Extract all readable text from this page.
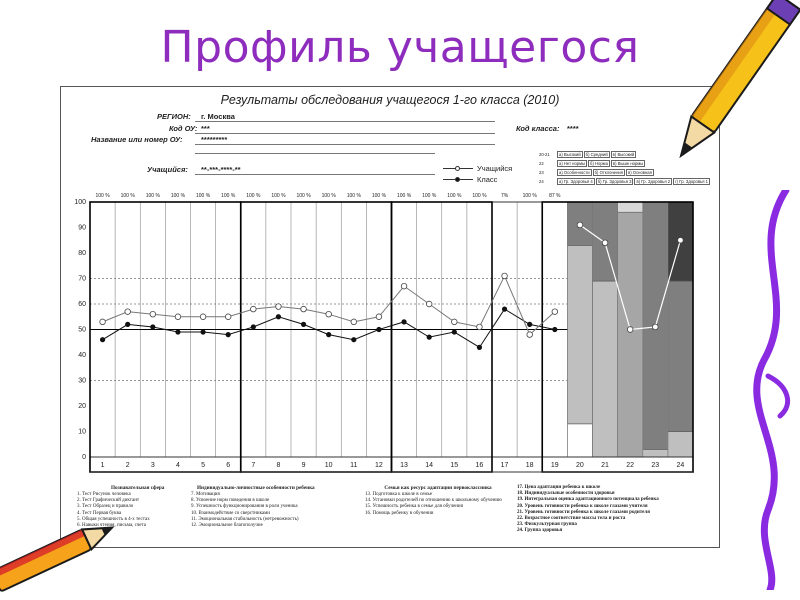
Профиль учащегося
Результаты обследования учащегося 1-го класса (2010)
РЕГИОН: г. Москва
Код ОУ: ***
Название или номер ОУ: *********
Код класса: ****
Учащийся: **-***-****-**	Учащийся
Класс
20-21 а) Высокий б) Средний в) Высокий
22	а) Нет нормы б) Норма в) Выше нормы
23	а) Особенности б) Отклонения в) Основная
24	а) Гр. Здоровья 4 б) Гр. Здоровья 3 в) Гр. Здоровья 2 г) Гр. Здоровья 1
Познавательная сфера
1. Тест Рисунок человека
2. Тест Графический диктант
3. Тест Образец и правило
4. Тест Первая буква
5. Общая успешность в 4-х тестах
6. Навыки чтения, письма, счета
Индивидуально-личностные особенности ребенка
7. Мотивация
8. Усвоение норм поведения в школе
9. Успешность функционирования в роли ученика
10. Взаимодействие со сверстниками
11. Эмоциональная стабильность (нетревожность)
12. Эмоциональное благополучие
Семья как ресурс адаптации первоклассника
13. Подготовка к школе в семье
14. Установки родителей по отношению к школьному обучению
15. Успешность ребенка в семье для обучения
16. Помощь ребенку в обучении
17. Цена адаптации ребенка к школе
18. Индивидуальные особенности здоровья
19. Интегральная оценка адаптационного потенциала ребенка
20. Уровень готовности ребенка к школе глазами учителя
21. Уровень готовности ребенка к школе глазами родителя
22. Возрастное соответствие массы тела и роста
23. Физкультурная группа
24. Группа здоровья
100 % 100 % 100 % 100 % 100 % 100 % 100 % 100 % 100 % 100 % 100 % 100 % 100 % 100 % 100 % 100 %	7%	100 % 87 %
0
10
20
30
40
50
60
70
80
90
100
1	2	3	4	5	6	7	8	9	10	11	12 13 14 15 16 17 18 19 20 21 22 23 24
